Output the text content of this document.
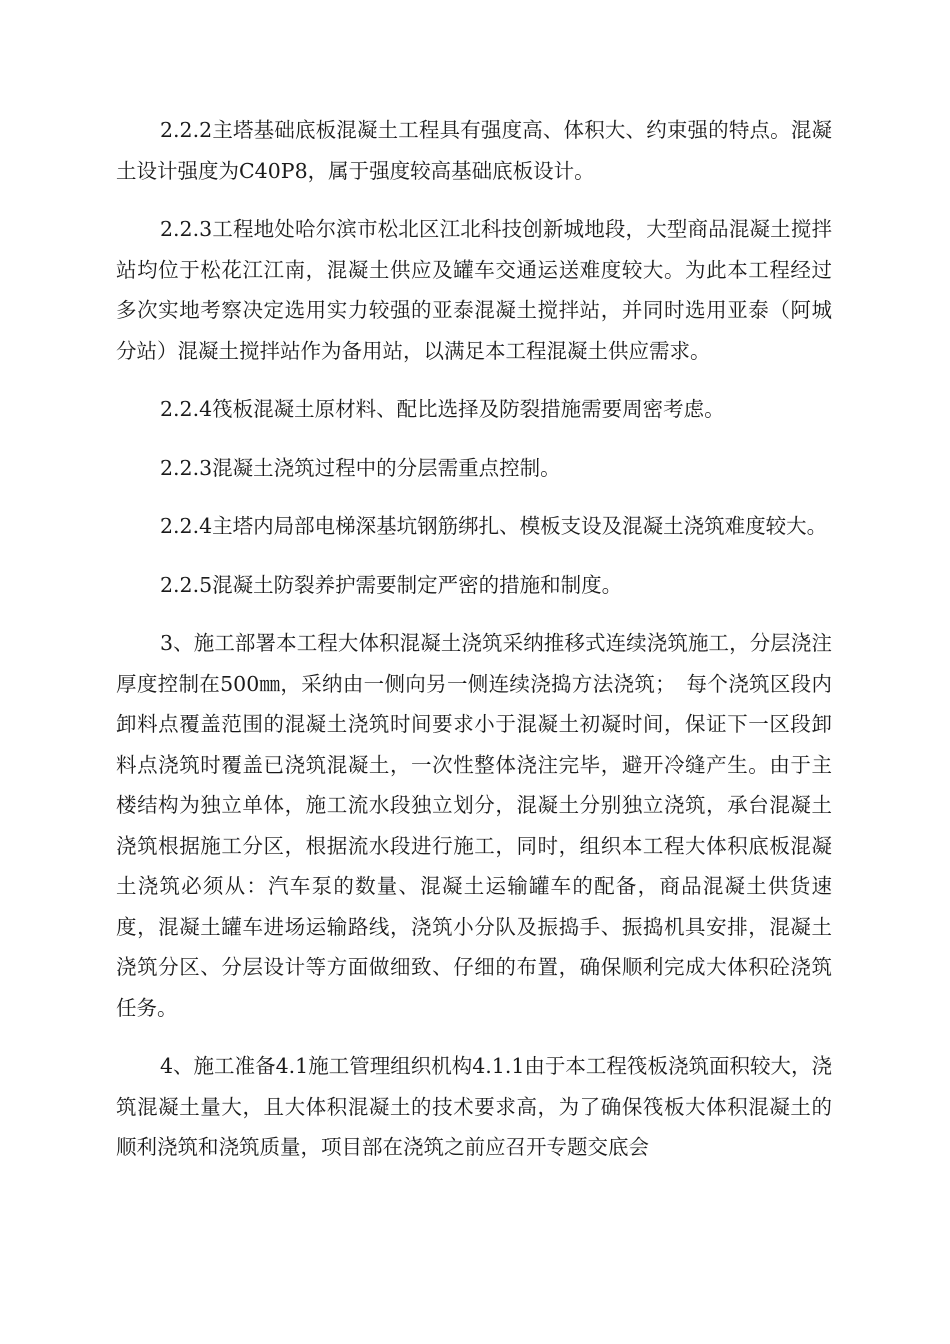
2.2.2主塔基础底板混凝土工程具有强度高、体积大、约束强的特点。混凝土设计强度为C40P8，属于强度较高基础底板设计。

2.2.3工程地处哈尔滨市松北区江北科技创新城地段，大型商品混凝土搅拌站均位于松花江江南，混凝土供应及罐车交通运送难度较大。为此本工程经过多次实地考察决定选用实力较强的亚泰混凝土搅拌站，并同时选用亚泰（阿城分站）混凝土搅拌站作为备用站，以满足本工程混凝土供应需求。

2.2.4筏板混凝土原材料、配比选择及防裂措施需要周密考虑。

2.2.3混凝土浇筑过程中的分层需重点控制。

2.2.4主塔内局部电梯深基坑钢筋绑扎、模板支设及混凝土浇筑难度较大。

2.2.5混凝土防裂养护需要制定严密的措施和制度。

3、施工部署本工程大体积混凝土浇筑采纳推移式连续浇筑施工，分层浇注厚度控制在500㎜，采纳由一侧向另一侧连续浇捣方法浇筑；　每个浇筑区段内卸料点覆盖范围的混凝土浇筑时间要求小于混凝土初凝时间，保证下一区段卸料点浇筑时覆盖已浇筑混凝土，一次性整体浇注完毕，避开冷缝产生。由于主楼结构为独立单体，施工流水段独立划分，混凝土分别独立浇筑，承台混凝土浇筑根据施工分区，根据流水段进行施工，同时，组织本工程大体积底板混凝土浇筑必须从：汽车泵的数量、混凝土运输罐车的配备，商品混凝土供货速度，混凝土罐车进场运输路线，浇筑小分队及振捣手、振捣机具安排，混凝土浇筑分区、分层设计等方面做细致、仔细的布置，确保顺利完成大体积砼浇筑任务。

4、施工准备4.1施工管理组织机构4.1.1由于本工程筏板浇筑面积较大，浇筑混凝土量大，且大体积混凝土的技术要求高，为了确保筏板大体积混凝土的顺利浇筑和浇筑质量，项目部在浇筑之前应召开专题交底会
